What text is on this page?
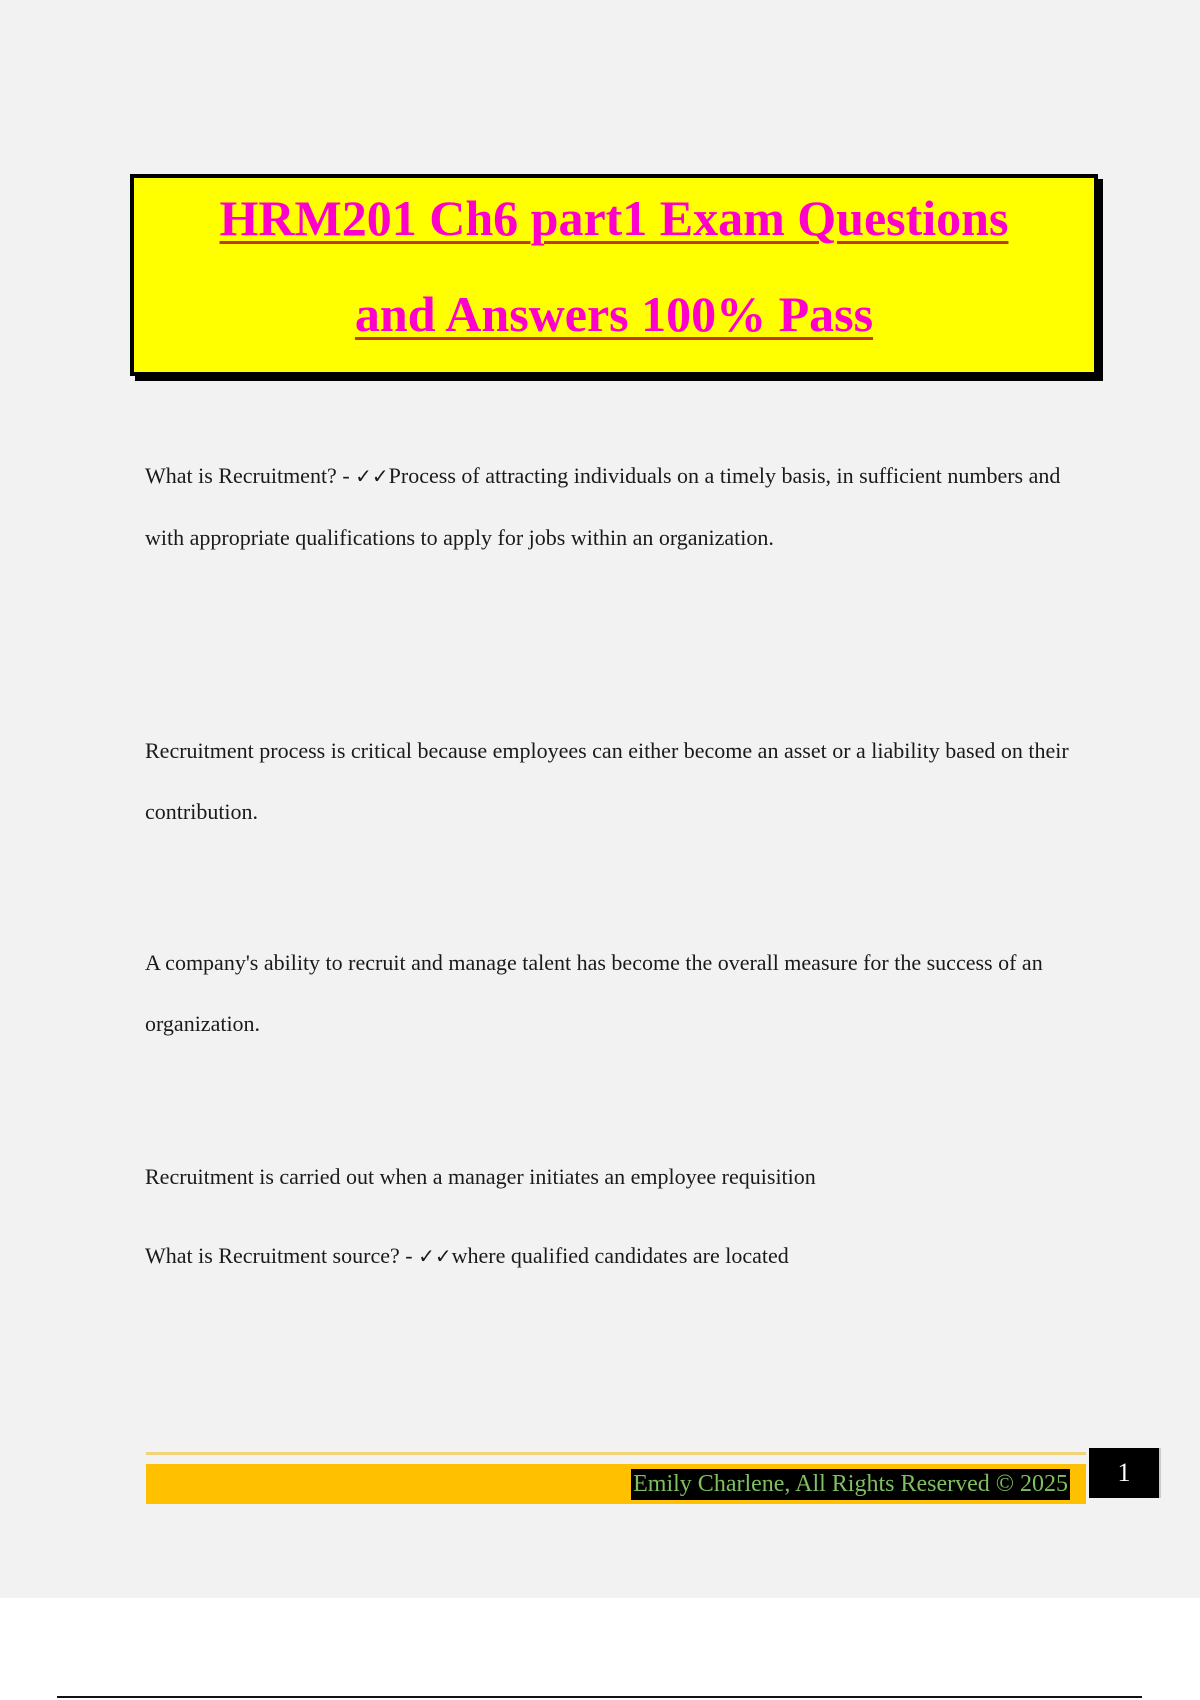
HRM201 Ch6 part1 Exam Questions
and Answers 100% Pass

What is Recruitment? - ✓✓Process of attracting individuals on a timely basis, in sufficient numbers and with appropriate qualifications to apply for jobs within an organization.

Recruitment process is critical because employees can either become an asset or a liability based on their contribution.

A company's ability to recruit and manage talent has become the overall measure for the success of an organization.

Recruitment is carried out when a manager initiates an employee requisition

What is Recruitment source? - ✓✓where qualified candidates are located

Emily Charlene, All Rights Reserved © 2025	1
